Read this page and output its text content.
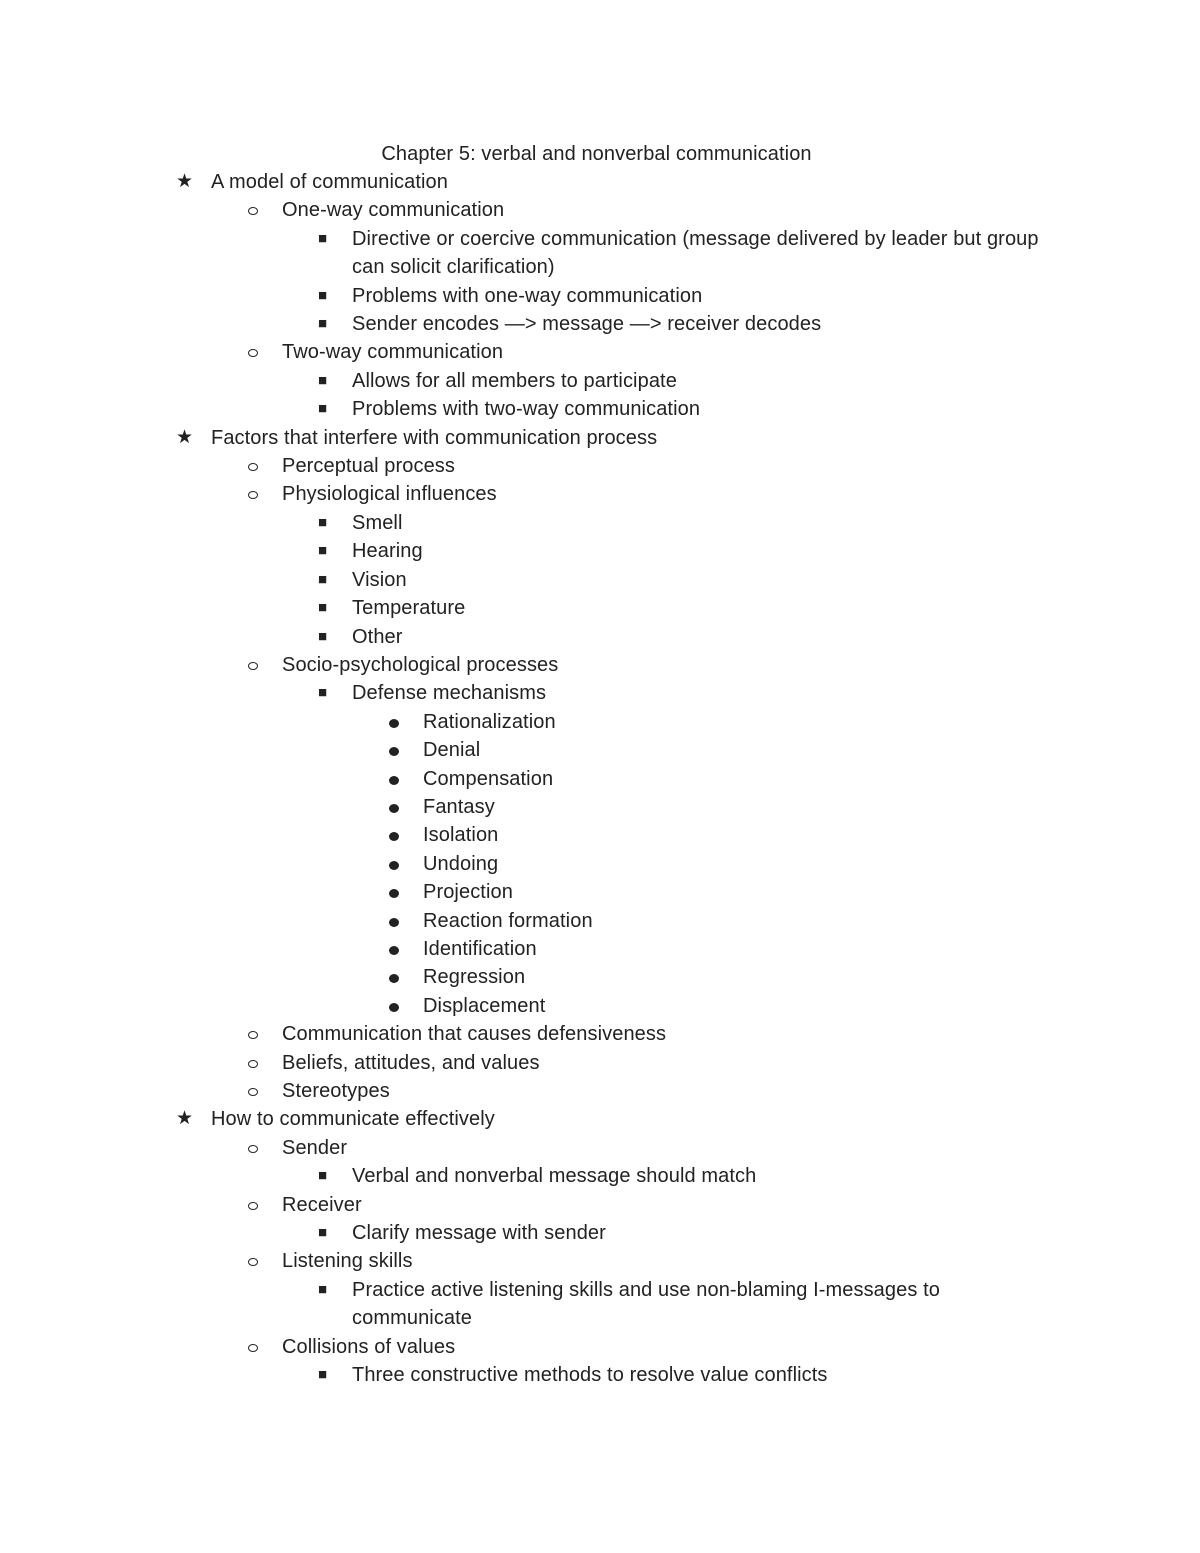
Chapter 5: verbal and nonverbal communication
★ A model of communication
One-way communication
■ Directive or coercive communication (message delivered by leader but group can solicit clarification)
■ Problems with one-way communication
■ Sender encodes —> message —> receiver decodes
Two-way communication
■ Allows for all members to participate
■ Problems with two-way communication
★ Factors that interfere with communication process
Perceptual process
Physiological influences
■ Smell
■ Hearing
■ Vision
■ Temperature
■ Other
Socio-psychological processes
■ Defense mechanisms
Rationalization
Denial
Compensation
Fantasy
Isolation
Undoing
Projection
Reaction formation
Identification
Regression
Displacement
Communication that causes defensiveness
Beliefs, attitudes, and values
Stereotypes
★ How to communicate effectively
Sender
■ Verbal and nonverbal message should match
Receiver
■ Clarify message with sender
Listening skills
■ Practice active listening skills and use non-blaming I-messages to communicate
Collisions of values
■ Three constructive methods to resolve value conflicts
